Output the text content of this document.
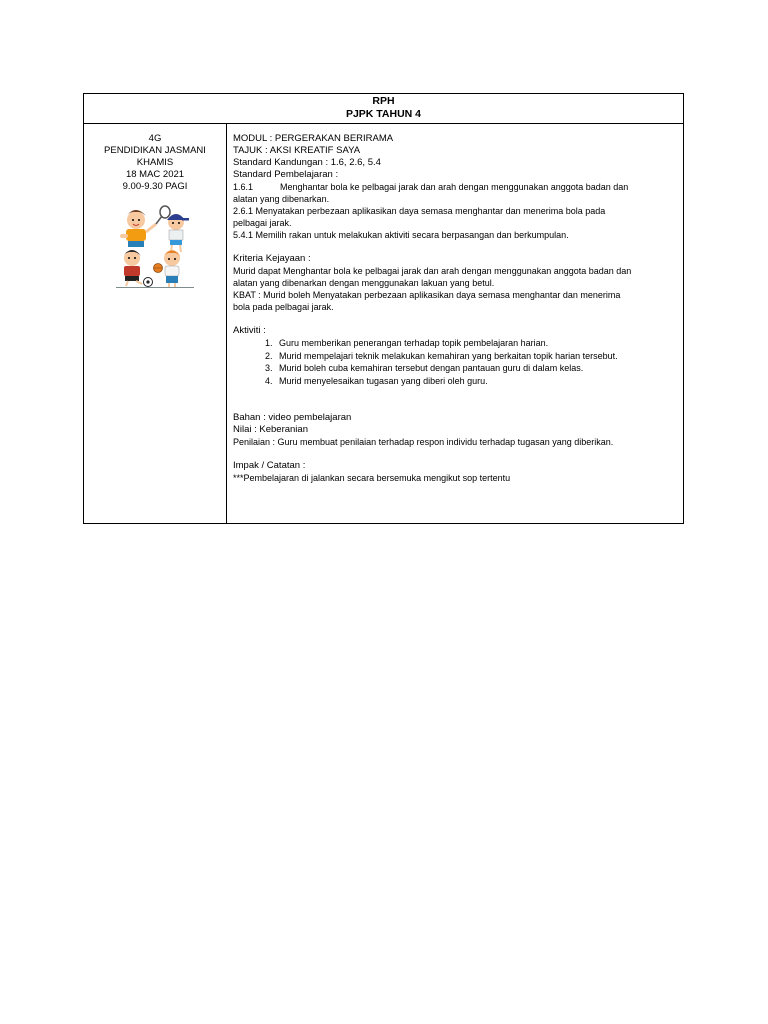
RPH
PJPK TAHUN 4
4G
PENDIDIKAN JASMANI
KHAMIS
18 MAC 2021
9.00-9.30 PAGI
MODUL : PERGERAKAN BERIRAMA
TAJUK : AKSI KREATIF SAYA
Standard Kandungan : 1.6, 2.6, 5.4
Standard Pembelajaran :
1.6.1	Menghantar bola ke pelbagai jarak dan arah dengan menggunakan anggota badan dan
alatan yang dibenarkan.
2.6.1 Menyatakan perbezaan aplikasikan daya semasa menghantar dan menerima bola pada
pelbagai jarak.
5.4.1 Memilih rakan untuk melakukan aktiviti secara berpasangan dan berkumpulan.
Kriteria Kejayaan :
Murid dapat Menghantar bola ke pelbagai jarak dan arah dengan menggunakan anggota badan dan
alatan yang dibenarkan dengan menggunakan lakuan yang betul.
KBAT : Murid boleh Menyatakan perbezaan aplikasikan daya semasa menghantar dan menerima
bola pada pelbagai jarak.
Aktiviti :
1. Guru memberikan penerangan terhadap topik pembelajaran harian.
2. Murid mempelajari teknik melakukan kemahiran yang berkaitan topik harian tersebut.
3. Murid boleh cuba kemahiran tersebut dengan pantauan guru di dalam kelas.
4. Murid menyelesaikan tugasan yang diberi oleh guru.
Bahan : video pembelajaran
Nilai : Keberanian
Penilaian : Guru membuat penilaian terhadap respon individu terhadap tugasan yang diberikan.
Impak / Catatan :
***Pembelajaran di jalankan secara bersemuka mengikut sop tertentu
